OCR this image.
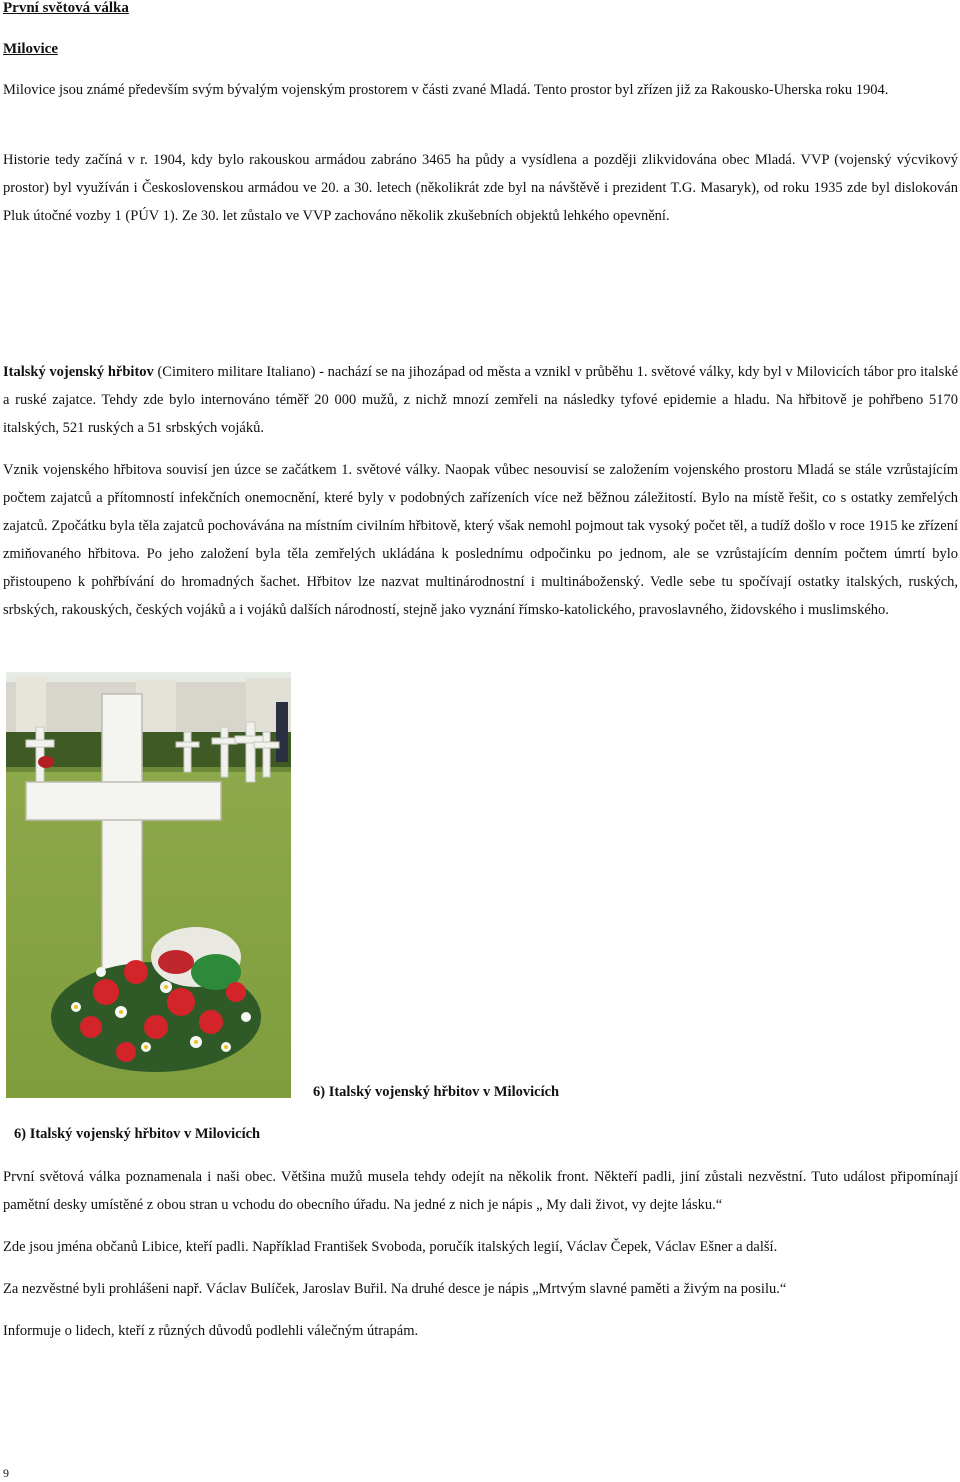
První světová válka
Milovice
Milovice jsou známé především svým bývalým vojenským prostorem v části zvané Mladá. Tento prostor byl zřízen již za Rakousko-Uherska roku 1904.
Historie tedy začíná v r. 1904, kdy bylo rakouskou armádou zabráno 3465 ha půdy a vysídlena a později zlikvidována obec Mladá. VVP (vojenský výcvikový prostor) byl využíván i Československou armádou ve 20. a 30. letech (několikrát zde byl na návštěvě i prezident T.G. Masaryk), od roku 1935 zde byl dislokován Pluk útočné vozby 1 (PÚV 1). Ze 30. let zůstalo ve VVP zachováno několik zkušebních objektů lehkého opevnění.
Italský vojenský hřbitov (Cimitero militare Italiano) - nachází se na jihozápad od města a vznikl v průběhu 1. světové války, kdy byl v Milovicích tábor pro italské a ruské zajatce. Tehdy zde bylo internováno téměř 20 000 mužů, z nichž mnozí zemřeli na následky tyfové epidemie a hladu. Na hřbitově je pohřbeno 5170 italských, 521 ruských a 51 srbských vojáků.
Vznik vojenského hřbitova souvisí jen úzce se začátkem 1. světové války. Naopak vůbec nesouvisí se založením vojenského prostoru Mladá se stále vzrůstajícím počtem zajatců a přítomností infekčních onemocnění, které byly v podobných zařízeních více než běžnou záležitostí. Bylo na místě řešit, co s ostatky zemřelých zajatců. Zpočátku byla těla zajatců pochovávána na místním civilním hřbitově, který však nemohl pojmout tak vysoký počet těl, a tudíž došlo v roce 1915 ke zřízení zmiňovaného hřbitova. Po jeho založení byla těla zemřelých ukládána k poslednímu odpočinku po jednom, ale se vzrůstajícím denním počtem úmrtí bylo přistoupeno k pohřbívání do hromadných šachet. Hřbitov lze nazvat multinárodnostní i multináboženský. Vedle sebe tu spočívají ostatky italských, ruských, srbských, rakouských, českých vojáků a i vojáků dalších národností, stejně jako vyznání římsko-katolického, pravoslavného, židovského i muslimského.
6) Italský vojenský hřbitov v Milovicích
6) Italský vojenský hřbitov v Milovicích
První světová válka poznamenala i naši obec. Většina mužů musela tehdy odejít na několik front. Někteří padli, jiní zůstali nezvěstní. Tuto událost připomínají pamětní desky umístěné z obou stran u vchodu do obecního úřadu. Na jedné z nich je nápis „ My dali život, vy dejte lásku.“
Zde jsou jména občanů Libice, kteří padli. Například František Svoboda, poručík italských legií, Václav Čepek, Václav Ešner a další.
Za nezvěstné byli prohlášeni např. Václav Bulíček, Jaroslav Buřil. Na druhé desce je nápis „Mrtvým slavné paměti a živým na posilu.“
Informuje o lidech, kteří z různých důvodů podlehli válečným útrapám.
9
